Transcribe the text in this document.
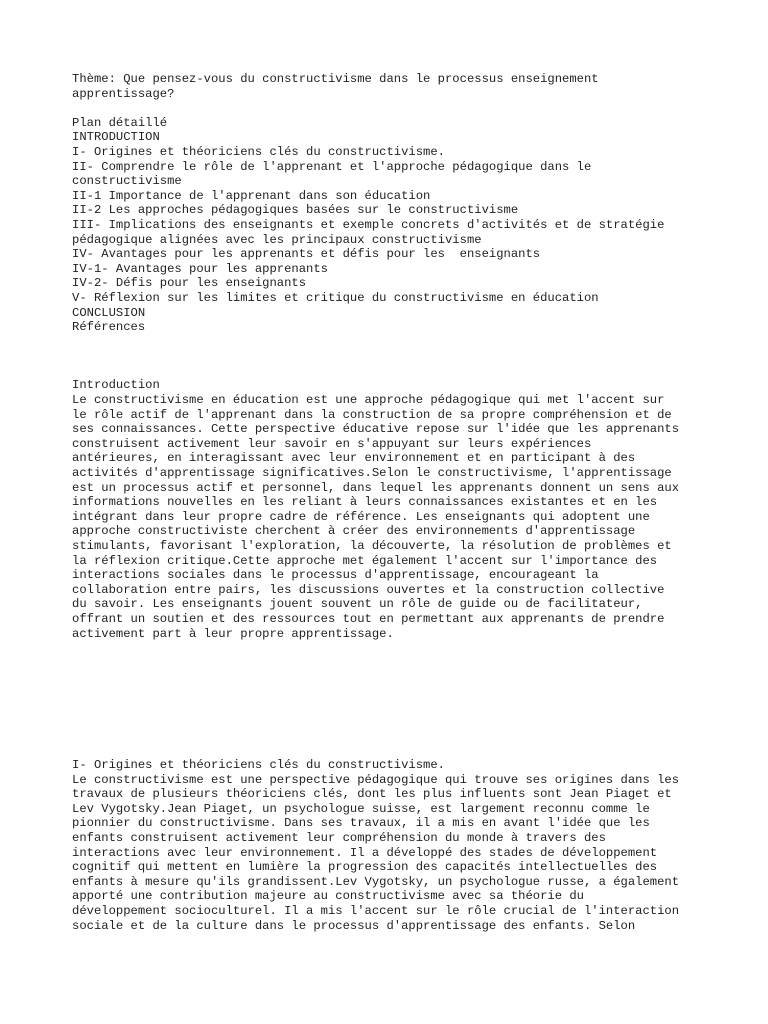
Thème: Que pensez-vous du constructivisme dans le processus enseignement
apprentissage?
Plan détaillé
INTRODUCTION
I- Origines et théoriciens clés du constructivisme.
II- Comprendre le rôle de l'apprenant et l'approche pédagogique dans le
constructivisme
II-1 Importance de l'apprenant dans son éducation
II-2 Les approches pédagogiques basées sur le constructivisme
III- Implications des enseignants et exemple concrets d'activités et de stratégie
pédagogique alignées avec les principaux constructivisme
IV- Avantages pour les apprenants et défis pour les  enseignants
IV-1- Avantages pour les apprenants
IV-2- Défis pour les enseignants
V- Réflexion sur les limites et critique du constructivisme en éducation
CONCLUSION
Références
Introduction
Le constructivisme en éducation est une approche pédagogique qui met l'accent sur
le rôle actif de l'apprenant dans la construction de sa propre compréhension et de
ses connaissances. Cette perspective éducative repose sur l'idée que les apprenants
construisent activement leur savoir en s'appuyant sur leurs expériences
antérieures, en interagissant avec leur environnement et en participant à des
activités d'apprentissage significatives.Selon le constructivisme, l'apprentissage
est un processus actif et personnel, dans lequel les apprenants donnent un sens aux
informations nouvelles en les reliant à leurs connaissances existantes et en les
intégrant dans leur propre cadre de référence. Les enseignants qui adoptent une
approche constructiviste cherchent à créer des environnements d'apprentissage
stimulants, favorisant l'exploration, la découverte, la résolution de problèmes et
la réflexion critique.Cette approche met également l'accent sur l'importance des
interactions sociales dans le processus d'apprentissage, encourageant la
collaboration entre pairs, les discussions ouvertes et la construction collective
du savoir. Les enseignants jouent souvent un rôle de guide ou de facilitateur,
offrant un soutien et des ressources tout en permettant aux apprenants de prendre
activement part à leur propre apprentissage.
I- Origines et théoriciens clés du constructivisme.
Le constructivisme est une perspective pédagogique qui trouve ses origines dans les
travaux de plusieurs théoriciens clés, dont les plus influents sont Jean Piaget et
Lev Vygotsky.Jean Piaget, un psychologue suisse, est largement reconnu comme le
pionnier du constructivisme. Dans ses travaux, il a mis en avant l'idée que les
enfants construisent activement leur compréhension du monde à travers des
interactions avec leur environnement. Il a développé des stades de développement
cognitif qui mettent en lumière la progression des capacités intellectuelles des
enfants à mesure qu'ils grandissent.Lev Vygotsky, un psychologue russe, a également
apporté une contribution majeure au constructivisme avec sa théorie du
développement socioculturel. Il a mis l'accent sur le rôle crucial de l'interaction
sociale et de la culture dans le processus d'apprentissage des enfants. Selon
